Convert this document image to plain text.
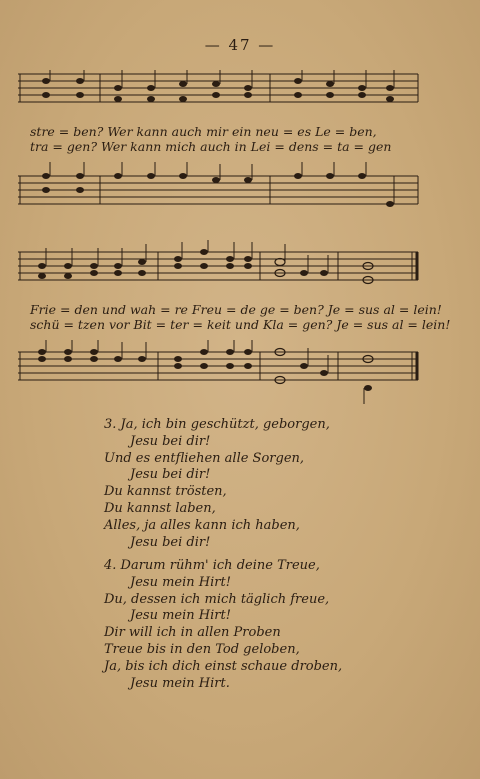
— 47 —
stre = ben? Wer kann auch mir ein neu = es Le = ben,
tra = gen? Wer kann mich auch in Lei = dens = ta = gen
Frie = den und wah = re Freu = de ge = ben? Je = sus al = lein!
schü = tzen vor Bit = ter = keit und Kla = gen? Je = sus al = lein!
3. Ja, ich bin geschützt, geborgen,
Jesu bei dir!
Und es entfliehen alle Sorgen,
Jesu bei dir!
Du kannst trösten,
Du kannst laben,
Alles, ja alles kann ich haben,
Jesu bei dir!
4. Darum rühm' ich deine Treue,
Jesu mein Hirt!
Du, dessen ich mich täglich freue,
Jesu mein Hirt!
Dir will ich in allen Proben
Treue bis in den Tod geloben,
Ja, bis ich dich einst schaue droben,
Jesu mein Hirt.
